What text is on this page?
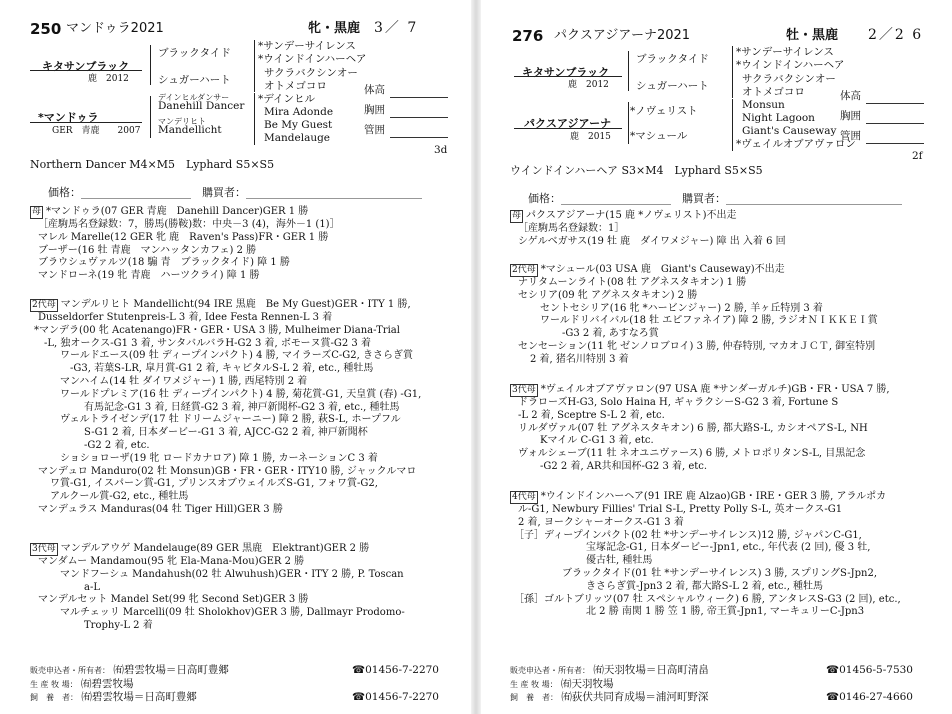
250 マンドゥラ2021	牝・黒鹿 3／ 7
キタサンブラック
鹿　2012
ブラックタイド
シュガーハート
*サンデーサイレンス
*ウインドインハーヘア
サクラバクシンオー
オトメゴコロ
*マンドゥラ
GER　青鹿　　2007
デインヒルダンサー
Danehill Dancer
マンデリヒト
Mandellicht
*デインヒル
Mira Adonde
Be My Guest
Mandelauge
体高
胸囲
管囲
3d
Northern Dancer M4×M5　Lyphard S5×S5
価格：____________________　購買者：________________________________
母 *マンドゥラ(07 GER 青鹿　Danehill Dancer)GER 1 勝
［産駒馬名登録数：7，勝馬(勝鞍)数：中央－3 (4)，海外－1 (1)］
マレル Marelle(12 GER 牝 鹿　Raven's Pass)FR・GER 1 勝
ブーザー(16 牡 青鹿　マンハッタンカフェ) 2 勝
ブラウシュヴァルツ(18 騸 青　ブラックタイド) 障 1 勝
マンドローネ(19 牝 青鹿　ハーツクライ) 障 1 勝
2代母 マンデルリヒト Mandellicht(94 IRE 黒鹿　Be My Guest)GER・ITY 1 勝,
Dusseldorfer Stutenpreis-L 3 着, Idee Festa Rennen-L 3 着
*マンデラ(00 牝 Acatenango)FR・GER・USA 3 勝, Mulheimer Diana-Trial
-L, 独オークス-G1 3 着, サンタバルバラH-G2 3 着, ボモーヌ賞-G2 3 着
ワールドエース(09 牡 ディープインパクト) 4 勝, マイラーズC-G2, きさらぎ賞
-G3, 若葉S-LR, 皐月賞-G1 2 着, キャピタルS-L 2 着, etc., 種牡馬
マンハイム(14 牡 ダイワメジャー) 1 勝, 西尾特別 2 着
ワールドプレミア(16 牡 ディープインパクト) 4 勝, 菊花賞-G1, 天皇賞 (春) -G1,
有馬記念-G1 3 着, 日経賞-G2 3 着, 神戸新聞杯-G2 3 着, etc., 種牡馬
ヴェルトライゼンデ(17 牡 ドリームジャーニー) 障 2 勝, 萩S-L, ホープフル
S-G1 2 着, 日本ダービー-G1 3 着, AJCC-G2 2 着, 神戸新聞杯
-G2 2 着, etc.
ショショローザ(19 牝 ロードカナロア) 障 1 勝, カーネーションC 3 着
マンデュロ Manduro(02 牡 Monsun)GB・FR・GER・ITY10 勝, ジャックルマロ
ワ賞-G1, イスパーン賞-G1, プリンスオブウェイルズS-G1, フォワ賞-G2,
アルクール賞-G2, etc., 種牡馬
マンデュラス Manduras(04 牡 Tiger Hill)GER 3 勝
3代母 マンデルアウゲ Mandelauge(89 GER 黒鹿　Elektrant)GER 2 勝
マンダムー Mandamou(95 牝 Ela-Mana-Mou)GER 2 勝
マンドフーシュ Mandahush(02 牡 Alwuhush)GER・ITY 2 勝, P. Toscan
a-L
マンデルセット Mandel Set(99 牝 Second Set)GER 3 勝
マルチェッリ Marcelli(09 牡 Sholokhov)GER 3 勝, Dallmayr Prodomo-
Trophy-L 2 着
販売申込者・所有者： ㈲碧雲牧場＝日高町豊郷	☎01456-7-2270
生 産 牧 場： ㈲碧雲牧場
飼　養　者： ㈲碧雲牧場＝日高町豊郷	☎01456-7-2270
276 パクスアジアーナ2021	牡・黒鹿 2／2 6
キタサンブラック
鹿　2012
ブラックタイド
シュガーハート
*サンデーサイレンス
*ウインドインハーヘア
サクラバクシンオー
オトメゴコロ
パクスアジアーナ
鹿　2015
*ノヴェリスト
*マシュール
Monsun
Night Lagoon
Giant's Causeway
*ヴェイルオブアヴァロン
体高
胸囲
管囲
2f
ウインドインハーヘア S3×M4　Lyphard S5×S5
価格：____________________　購買者：________________________________
母 パクスアジアーナ(15 鹿 *ノヴェリスト)不出走
［産駒馬名登録数：1］
シゲルベガサス(19 牡 鹿　ダイワメジャー) 障 出 入着 6 回
2代母 *マシュール(03 USA 鹿　Giant's Causeway)不出走
ナリタムーンライト(08 牡 アグネスタキオン) 1 勝
セシリア(09 牝 アグネスタキオン) 2 勝
セントセシリア(16 牝 *ハービンジャー) 2 勝, 羊ヶ丘特別 3 着
ワールドリバイバル(18 牡 エピファネイア) 障 2 勝, ラジオＮＩＫＫＥＩ賞
-G3 2 着, あすなろ賞
センセーション(11 牝 ゼンノロブロイ) 3 勝, 仲春特別, マカオＪＣＴ, 御室特別
2 着, 猪名川特別 3 着
3代母 *ヴェイルオブアヴァロン(97 USA 鹿 *サンダーガルチ)GB・FR・USA 7 勝,
ドラローズH-G3, Solo Haina H, ギャラクシーS-G2 3 着, Fortune S
-L 2 着, Sceptre S-L 2 着, etc.
リルダヴァル(07 牡 アグネスタキオン) 6 勝, 都大路S-L, カシオペアS-L, NH
Kマイル C-G1 3 着, etc.
ヴォルシェーブ(11 牡 ネオユニヴァース) 6 勝, メトロポリタンS-L, 目黒記念
-G2 2 着, AR共和国杯-G2 3 着, etc.
4代母 *ウインドインハーヘア(91 IRE 鹿 Alzao)GB・IRE・GER 3 勝, アラルポカ
ル-G1, Newbury Fillies' Trial S-L, Pretty Polly S-L, 英オークス-G1
2 着, ヨークシャーオークス-G1 3 着
［子］ディープインパクト(02 牡 *サンデーサイレンス)12 勝, ジャパンC-G1,
宝塚記念-G1, 日本ダービー-Jpn1, etc., 年代表 (2 回), 優 3 牡,
優古牡, 種牡馬
ブラックタイド(01 牡 *サンデーサイレンス) 3 勝, スプリングS-Jpn2,
きさらぎ賞-Jpn3 2 着, 都大路S-L 2 着, etc., 種牡馬
［孫］ゴルトブリッツ(07 牡 スペシャルウィーク) 6 勝, アンタレスS-G3 (2 回), etc.,
北 2 勝 南関 1 勝 笠 1 勝, 帝王賞-Jpn1, マーキュリーC-Jpn3
販売申込者・所有者： ㈲天羽牧場＝日高町清畠	☎01456-5-7530
生 産 牧 場： ㈲天羽牧場
飼　養　者： ㈲荻伏共同育成場＝浦河町野深	☎0146-27-4660
